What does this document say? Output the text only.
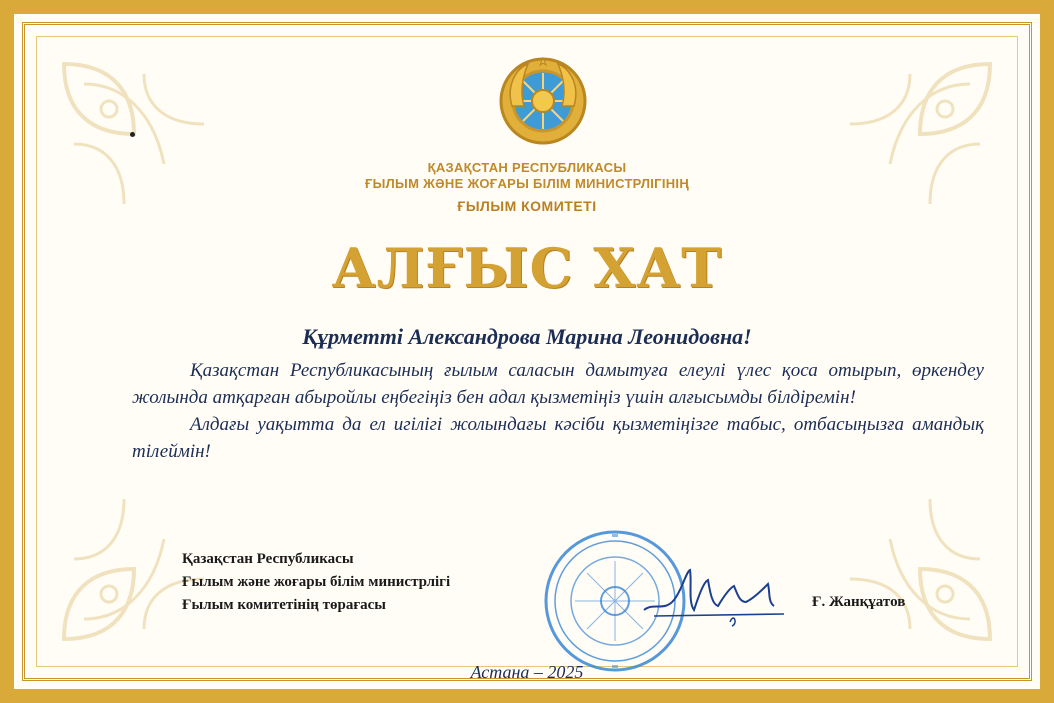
ҚАЗАҚСТАН РЕСПУБЛИКАСЫ
ҒЫЛЫМ ЖӘНЕ ЖОҒАРЫ БІЛІМ МИНИСТРЛІГІНІҢ
ҒЫЛЫМ КОМИТЕТІ
АЛҒЫС ХАТ
Құрметті Александрова Марина Леонидовна!

Қазақстан Республикасының ғылым саласын дамытуға елеулі үлес қоса отырып, өркендеу жолында атқарған абыройлы еңбегіңіз бен адал қызметіңіз үшін алғысымды білдіремін!

Алдағы уақытта да ел игілігі жолындағы кәсіби қызметіңізге табыс, отбасыңызға амандық тілеймін!

Қазақстан Республикасы
Ғылым және жоғары білім министрлігі
Ғылым комитетінің төрағасы	Ғ. Жанқұатов
Астана – 2025
